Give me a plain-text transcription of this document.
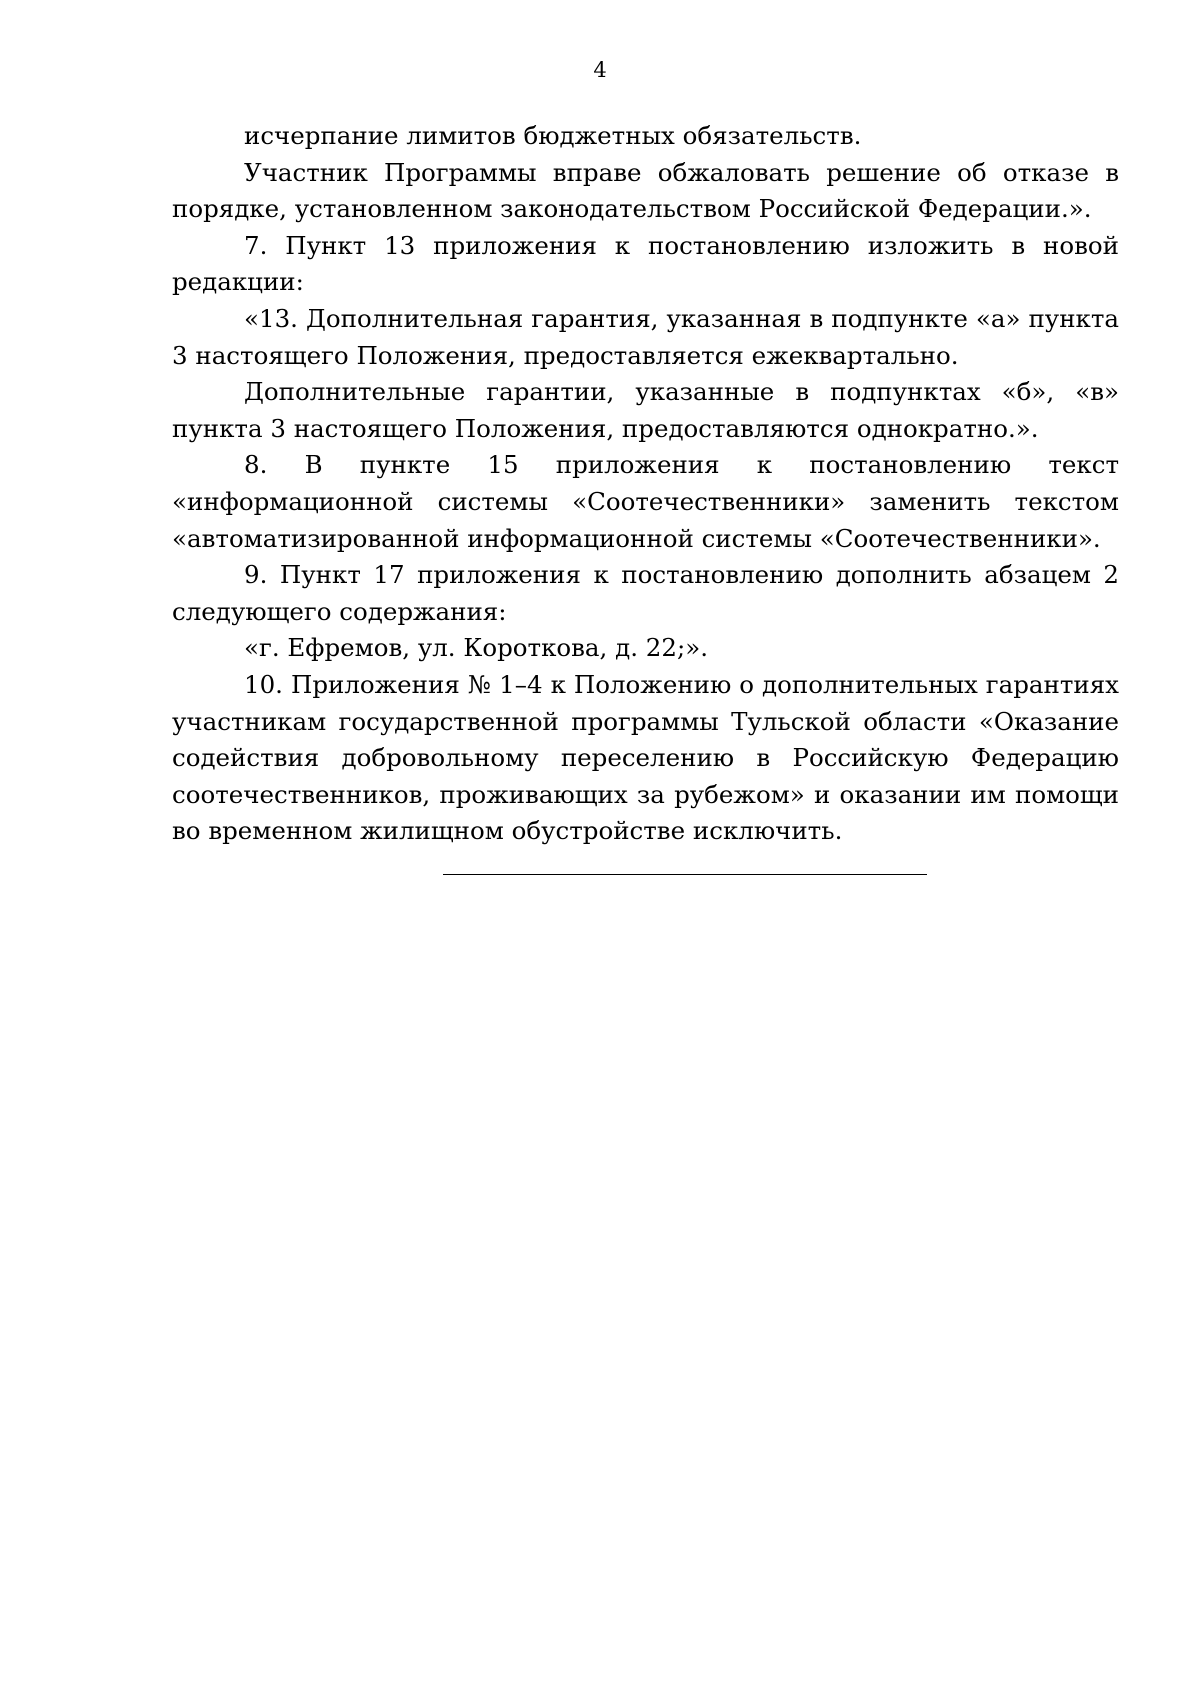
4

исчерпание лимитов бюджетных обязательств.

Участник Программы вправе обжаловать решение об отказе в порядке, установленном законодательством Российской Федерации.».

7. Пункт 13 приложения к постановлению изложить в новой редакции:

«13. Дополнительная гарантия, указанная в подпункте «а» пункта 3 настоящего Положения, предоставляется ежеквартально.

Дополнительные гарантии, указанные в подпунктах «б», «в» пункта 3 настоящего Положения, предоставляются однократно.».

8. В пункте 15 приложения к постановлению текст «информационной системы «Соотечественники» заменить текстом «автоматизированной информационной системы «Соотечественники».

9. Пункт 17 приложения к постановлению дополнить абзацем 2 следующего содержания:

«г. Ефремов, ул. Короткова, д. 22;».

10. Приложения № 1–4 к Положению о дополнительных гарантиях участникам государственной программы Тульской области «Оказание содействия добровольному переселению в Российскую Федерацию соотечественников, проживающих за рубежом» и оказании им помощи во временном жилищном обустройстве исключить.
